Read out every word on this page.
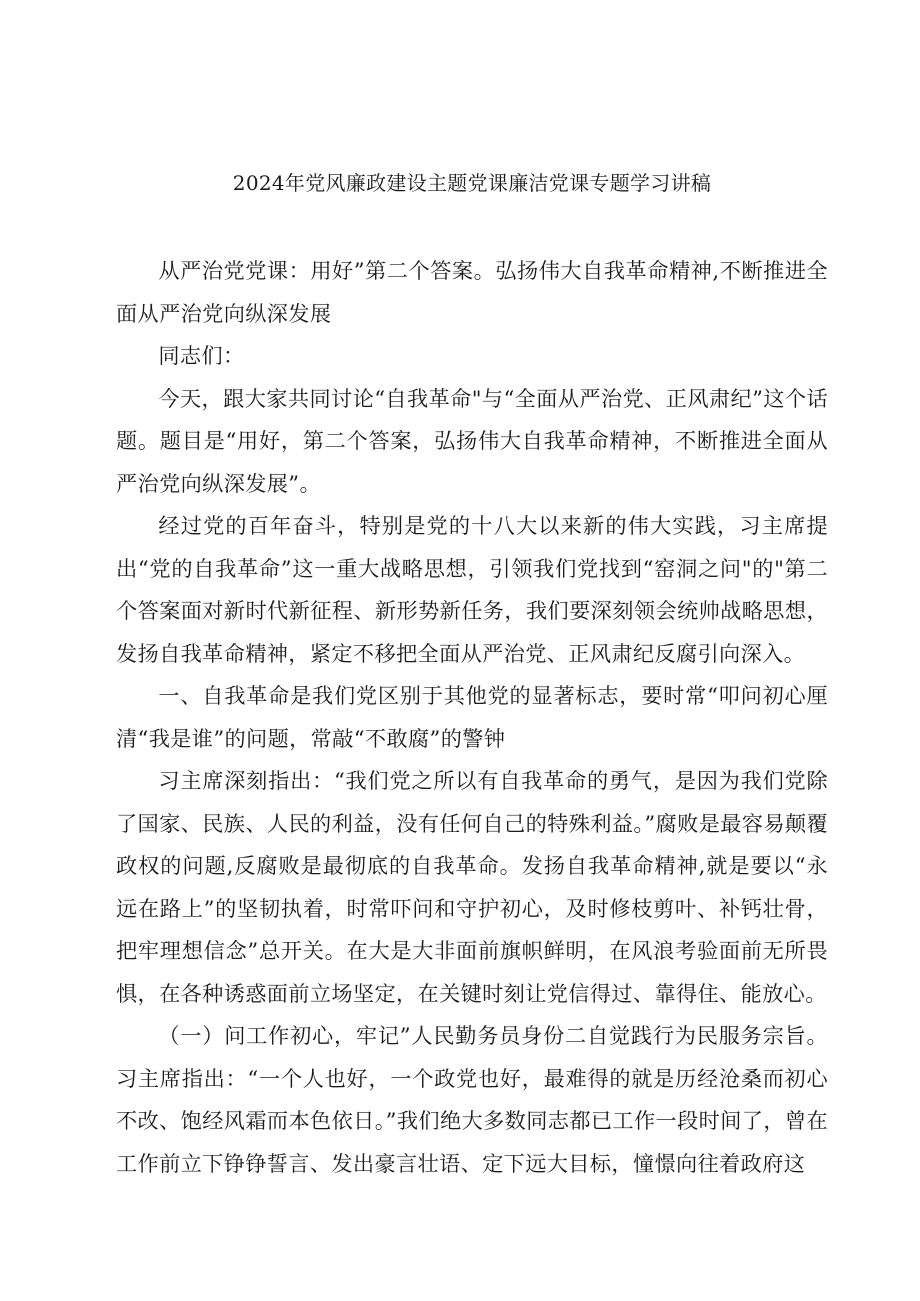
2024年党风廉政建设主题党课廉洁党课专题学习讲稿

从严治党党课：用好”第二个答案。弘扬伟大自我革命精神,不断推进全面从严治党向纵深发展

同志们：

今天，跟大家共同讨论“自我革命"与“全面从严治党、正风肃纪”这个话题。题目是“用好，第二个答案，弘扬伟大自我革命精神，不断推进全面从严治党向纵深发展”。

经过党的百年奋斗，特别是党的十八大以来新的伟大实践，习主席提出“党的自我革命”这一重大战略思想，引领我们党找到“窑洞之问"的"第二个答案面对新时代新征程、新形势新任务，我们要深刻领会统帅战略思想，发扬自我革命精神，紧定不移把全面从严治党、正风肃纪反腐引向深入。

一、自我革命是我们党区别于其他党的显著标志，要时常“叩问初心厘清“我是谁”的问题，常敲“不敢腐”的警钟

习主席深刻指出：“我们党之所以有自我革命的勇气，是因为我们党除了国家、民族、人民的利益，没有任何自己的特殊利益。”腐败是最容易颠覆政权的问题,反腐败是最彻底的自我革命。发扬自我革命精神,就是要以“永远在路上”的坚韧执着，时常吓问和守护初心，及时修枝剪叶、补钙壮骨，把牢理想信念”总开关。在大是大非面前旗帜鲜明，在风浪考验面前无所畏惧，在各种诱惑面前立场坚定，在关键时刻让党信得过、靠得住、能放心。

（一）问工作初心，牢记”人民勤务员身份二自觉践行为民服务宗旨。习主席指出：“一个人也好，一个政党也好，最难得的就是历经沧桑而初心不改、饱经风霜而本色依日。”我们绝大多数同志都已工作一段时间了，曾在工作前立下铮铮誓言、发出豪言壮语、定下远大目标，憧憬向往着政府这
